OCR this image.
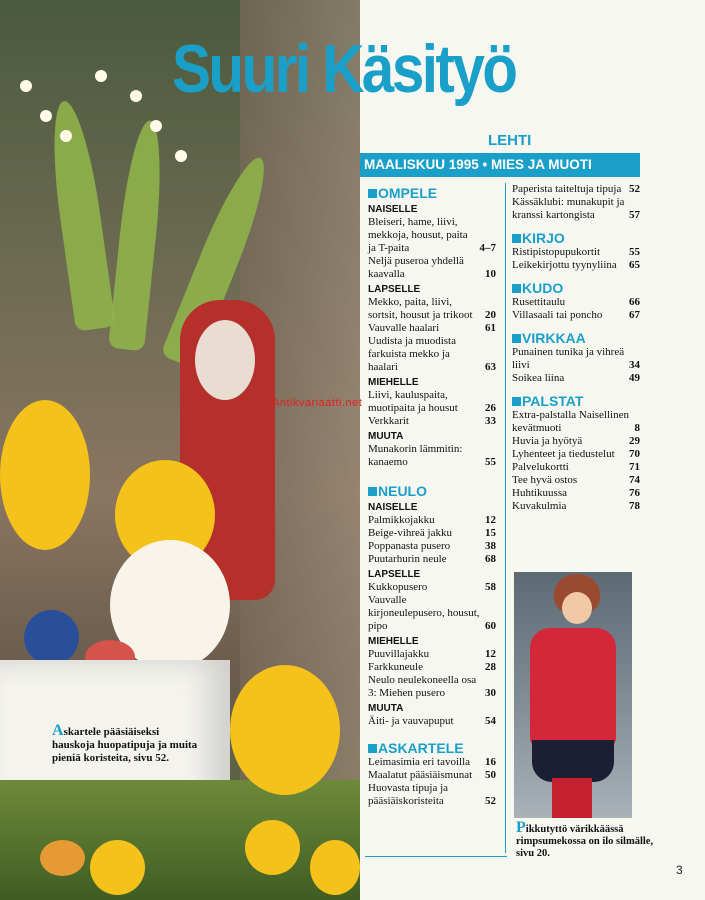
Askartele pääsiäiseksi hauskoja huopatipuja ja muita pieniä koristeita, sivu 52.
Antikvariaatti.net
Suuri Käsityö
LEHTI
MAALISKUU 1995 • MIES JA MUOTI
OMPELE
NAISELLE
Bleiseri, hame, liivi, mekkoja, housut, paita ja T-paita	4–7
Neljä puseroa yhdellä kaavalla	10
LAPSELLE
Mekko, paita, liivi, sortsit, housut ja trikoot	20
Vauvalle haalari	61
Uudista ja muodista farkuista mekko ja haalari	63
MIEHELLE
Liivi, kauluspaita, muotipaita ja housut	26
Verkkarit	33
MUUTA
Munakorin lämmitin: kanaemo	55
NEULO
NAISELLE
Palmikkojakku	12
Beige-vihreä jakku	15
Poppanasta pusero	38
Puutarhurin neule	68
LAPSELLE
Kukkopusero	58
Vauvalle kirjoneulepusero, housut, pipo	60
MIEHELLE
Puuvillajakku	12
Farkkuneule	28
Neulo neulekoneella osa 3: Miehen pusero	30
MUUTA
Äiti- ja vauvapuput	54
ASKARTELE
Leimasimia eri tavoilla	16
Maalatut pääsiäismunat	50
Huovasta tipuja ja pääsiäiskoristeita	52
Paperista taiteltuja tipuja 52
Kässäklubi: munakupit ja kranssi kartongista	57
KIRJO
Ristipistopupukortit	55
Leikekirjottu tyynyliina	65
KUDO
Rusettitaulu	66
Villasaali tai poncho	67
VIRKKAA
Punainen tunika ja vihreä liivi	34
Soikea liina	49
PALSTAT
Extra-palstalla Naisellinen kevätmuoti	8
Huvia ja hyötyä	29
Lyhenteet ja tiedustelut	70
Palvelukortti	71
Tee hyvä ostos	74
Huhtikuussa	76
Kuvakulmia	78
Pikkutyttö värikkäässä rimpsumekossa on ilo silmälle, sivu 20.
3
